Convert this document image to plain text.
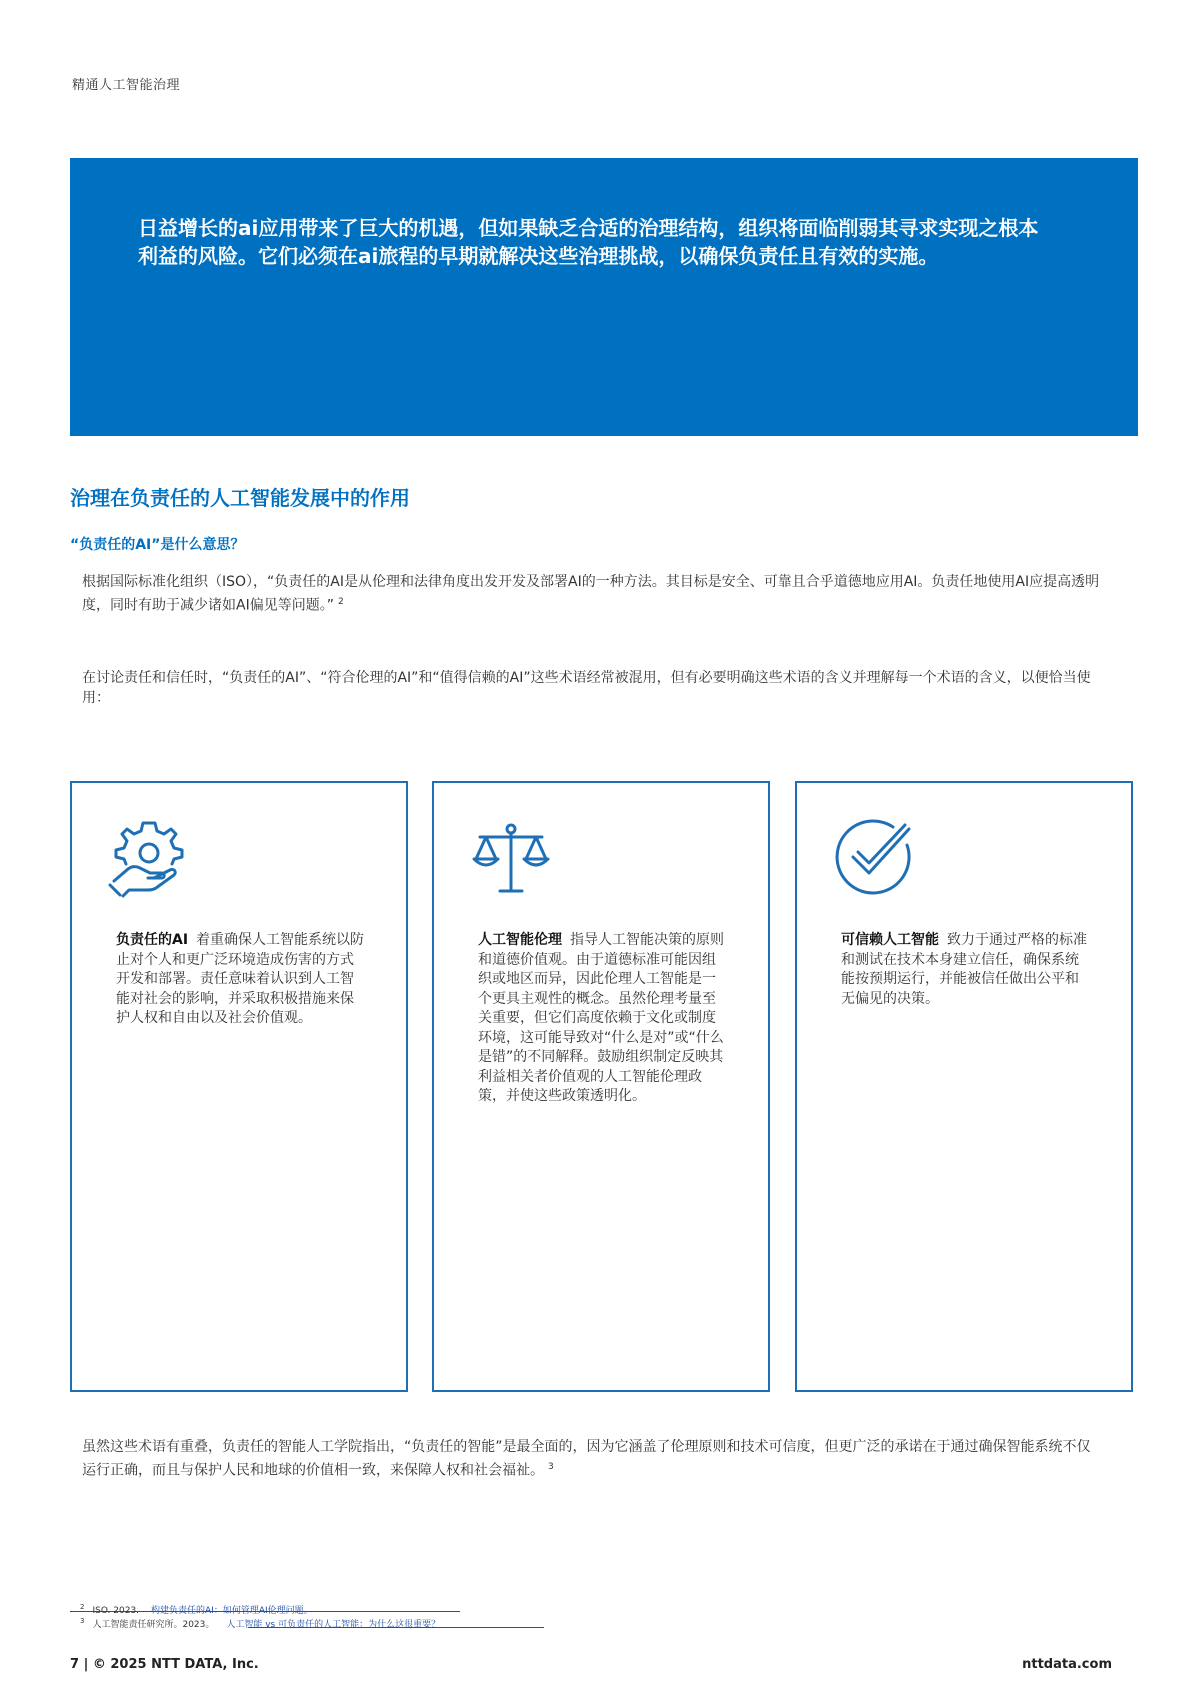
精通人工智能治理
日益增长的ai应用带来了巨大的机遇，但如果缺乏合适的治理结构，组织将面临削弱其寻求实现之根本利益的风险。它们必须在ai旅程的早期就解决这些治理挑战，以确保负责任且有效的实施。
治理在负责任的人工智能发展中的作用
“负责任的AI”是什么意思？
根据国际标准化组织（ISO），“负责任的AI是从伦理和法律角度出发开发及部署AI的一种方法。其目标是安全、可靠且合乎道德地应用AI。负责任地使用AI应提高透明度，同时有助于减少诸如AI偏见等问题。” $^2$
在讨论责任和信任时，“负责任的AI”、“符合伦理的AI”和“值得信赖的AI”这些术语经常被混用，但有必要明确这些术语的含义并理解每一个术语的含义，以便恰当使用：
负责任的AI 着重确保人工智能系统以防止对个人和更广泛环境造成伤害的方式开发和部署。责任意味着认识到人工智能对社会的影响，并采取积极措施来保护人权和自由以及社会价值观。
人工智能伦理 指导人工智能决策的原则和道德价值观。由于道德标准可能因组织或地区而异，因此伦理人工智能是一个更具主观性的概念。虽然伦理考量至关重要，但它们高度依赖于文化或制度环境，这可能导致对“什么是对”或“什么是错”的不同解释。鼓励组织制定反映其利益相关者价值观的人工智能伦理政策，并使这些政策透明化。
可信赖人工智能 致力于通过严格的标准和测试在技术本身建立信任，确保系统能按预期运行，并能被信任做出公平和无偏见的决策。
虽然这些术语有重叠，负责任的智能人工学院指出，“负责任的智能”是最全面的，因为它涵盖了伦理原则和技术可信度，但更广泛的承诺在于通过确保智能系统不仅运行正确，而且与保护人民和地球的价值相一致，来保障人权和社会福祉。 $^3$
$^2$ ISO. 2023. 构建负责任的AI：如何管理AI伦理问题。
$^3$ 人工智能责任研究所。2023。 人工智能 vs 可负责任的人工智能：为什么这很重要？
7 | © 2025 NTT DATA, Inc.	nttdata.com
